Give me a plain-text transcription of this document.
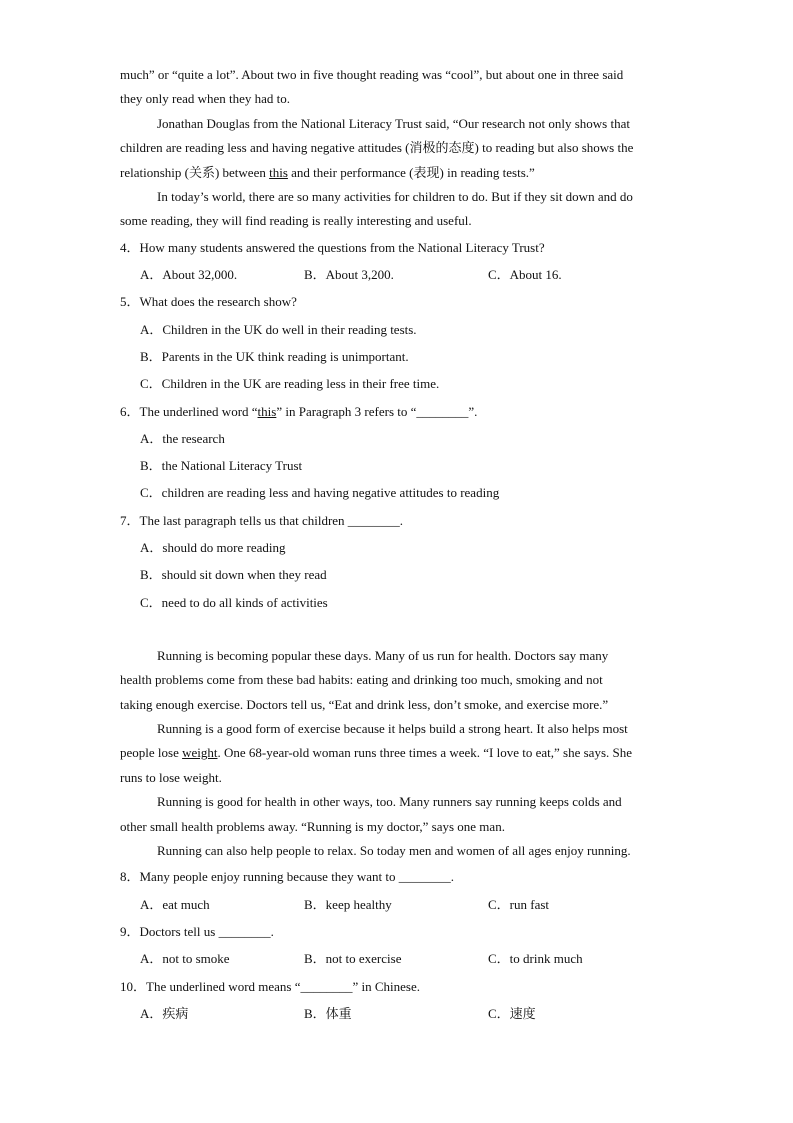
much” or “quite a lot”. About two in five thought reading was “cool”, but about one in three said
they only read when they had to.
Jonathan Douglas from the National Literacy Trust said, “Our research not only shows that
children are reading less and having negative attitudes (消极的态度) to reading but also shows the
relationship (关系) between this and their performance (表现) in reading tests.”
In today’s world, there are so many activities for children to do. But if they sit down and do
some reading, they will find reading is really interesting and useful.
4．How many students answered the questions from the National Literacy Trust?
A．About 32,000.	B．About 3,200.	C．About 16.
5．What does the research show?
A．Children in the UK do well in their reading tests.
B．Parents in the UK think reading is unimportant.
C．Children in the UK are reading less in their free time.
6．The underlined word “this” in Paragraph 3 refers to “________”.
A．the research
B．the National Literacy Trust
C．children are reading less and having negative attitudes to reading
7．The last paragraph tells us that children ________.
A．should do more reading
B．should sit down when they read
C．need to do all kinds of activities
Running is becoming popular these days. Many of us run for health. Doctors say many
health problems come from these bad habits: eating and drinking too much, smoking and not
taking enough exercise. Doctors tell us, “Eat and drink less, don’t smoke, and exercise more.”
Running is a good form of exercise because it helps build a strong heart. It also helps most
people lose weight. One 68-year-old woman runs three times a week. “I love to eat,” she says. She
runs to lose weight.
Running is good for health in other ways, too. Many runners say running keeps colds and
other small health problems away. “Running is my doctor,” says one man.
Running can also help people to relax. So today men and women of all ages enjoy running.
8．Many people enjoy running because they want to ________.
A．eat much	B．keep healthy	C．run fast
9．Doctors tell us ________.
A．not to smoke	B．not to exercise	C．to drink much
10．The underlined word means “________” in Chinese.
A．疾病	B．体重	C．速度
